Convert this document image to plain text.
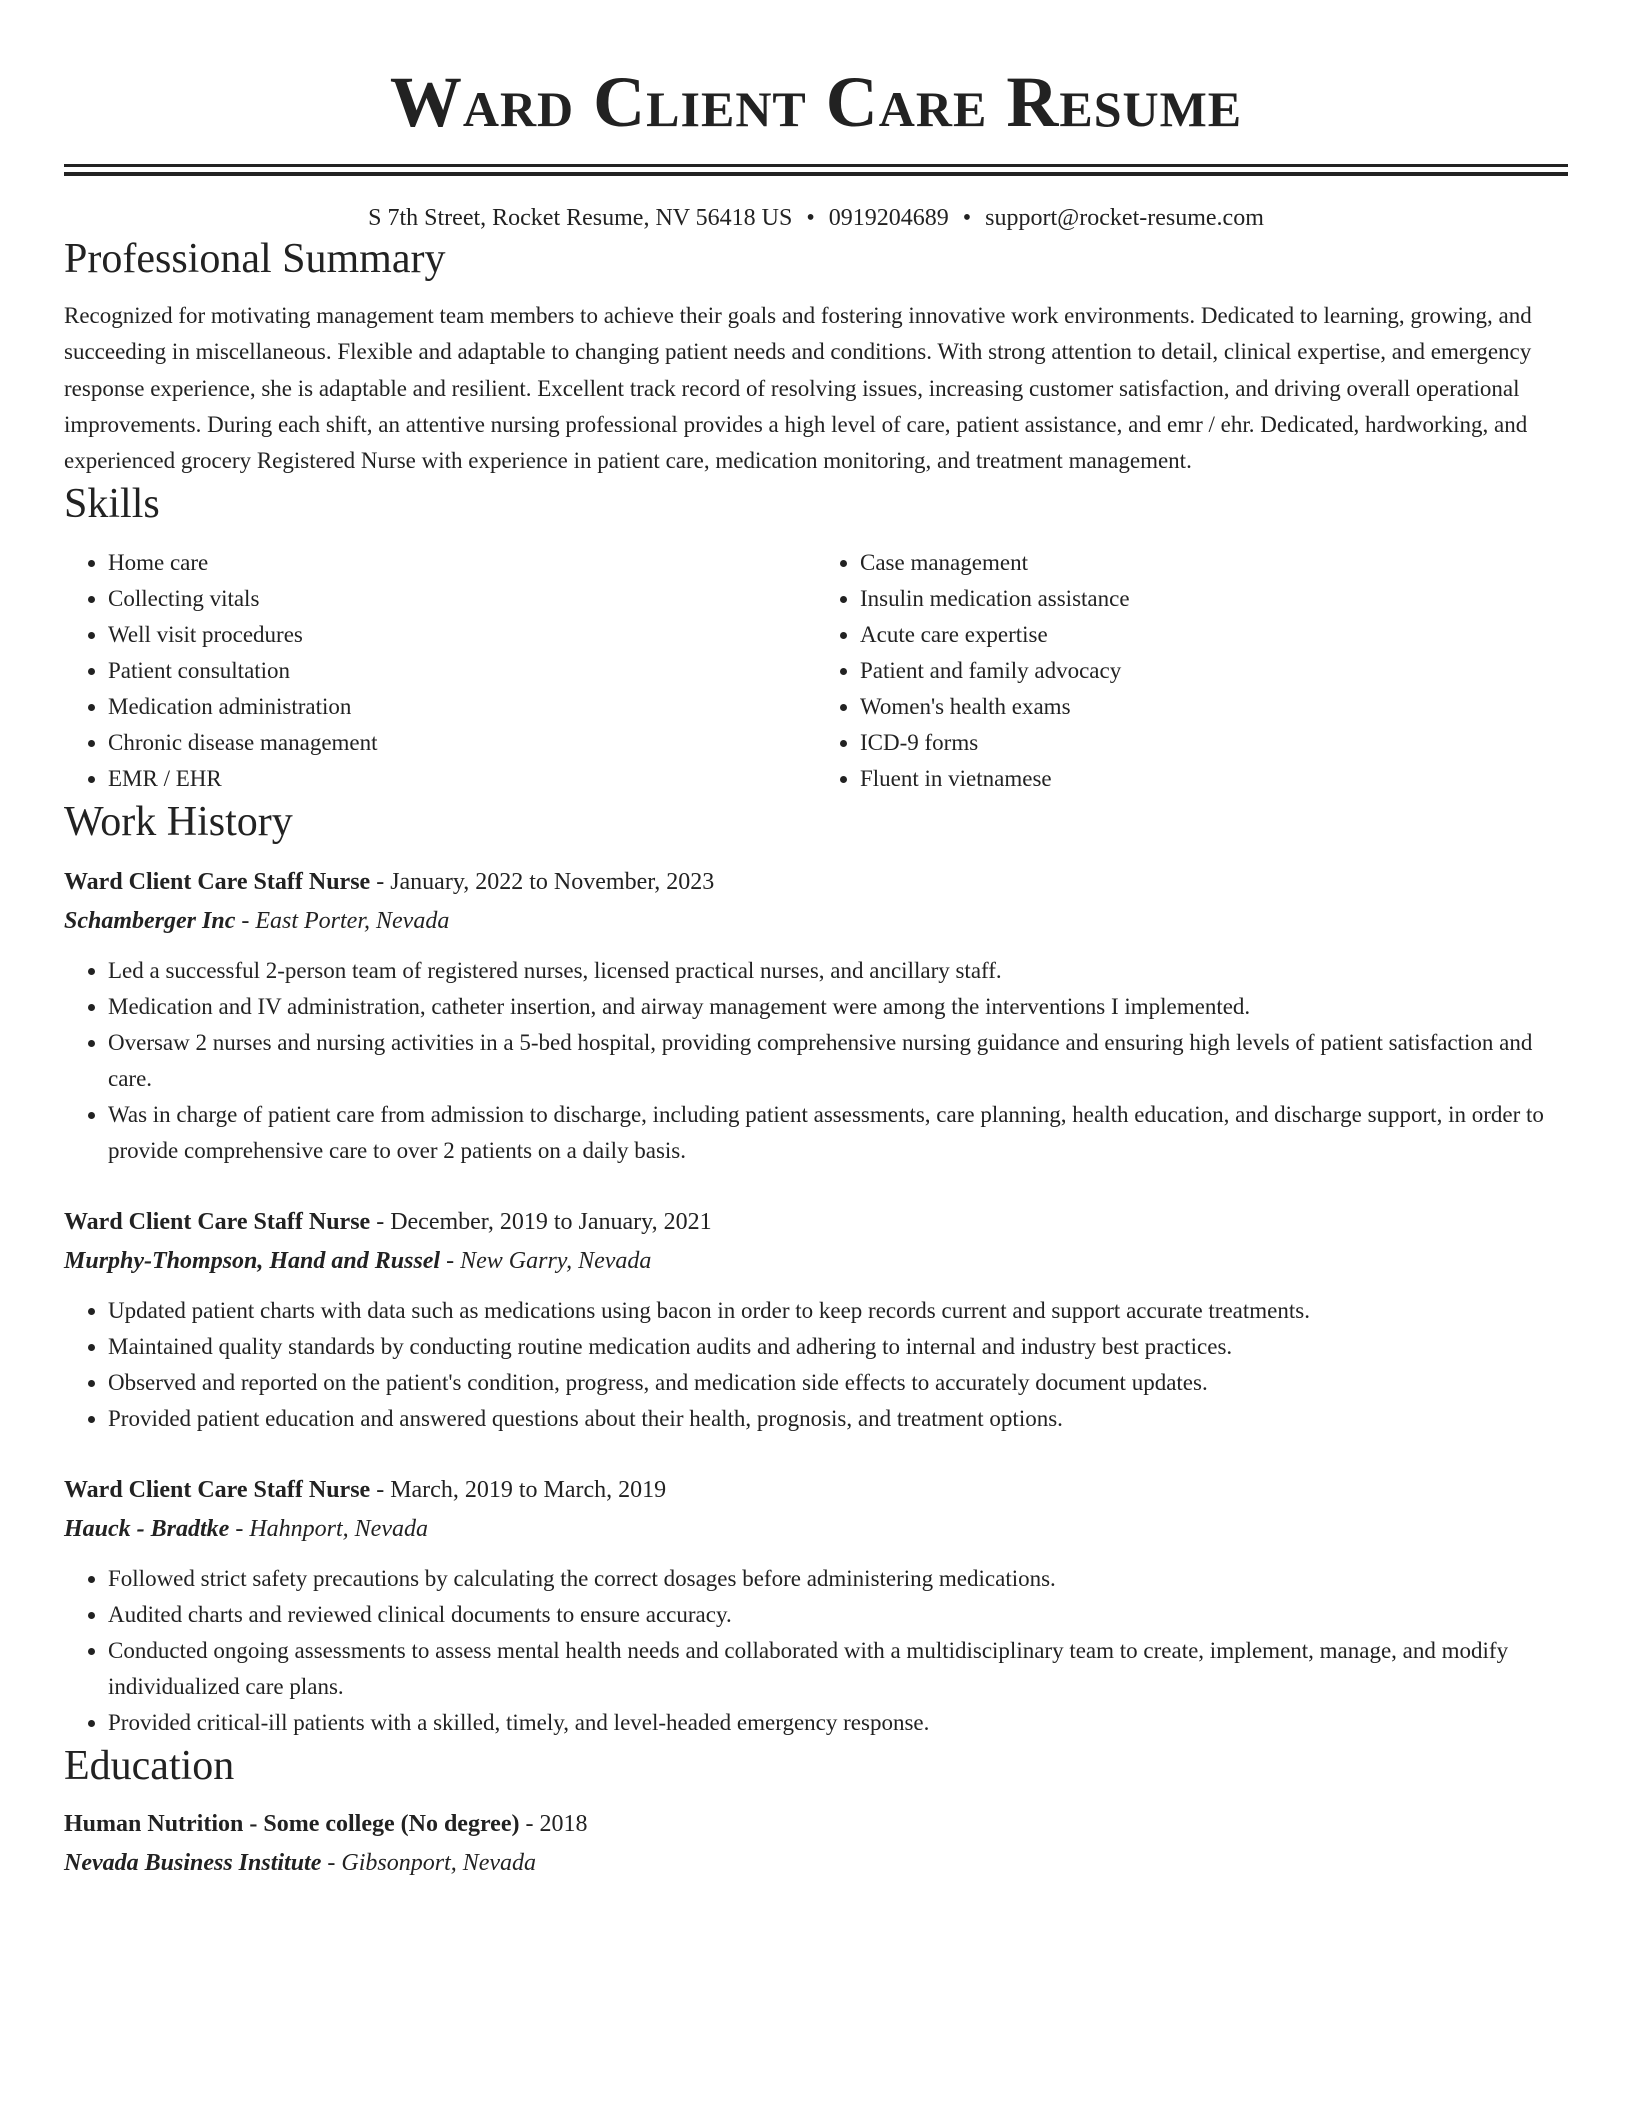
Ward Client Care Resume
S 7th Street, Rocket Resume, NV 56418 US • 0919204689 • support@rocket-resume.com
Professional Summary

Recognized for motivating management team members to achieve their goals and fostering innovative work environments. Dedicated to learning, growing, and succeeding in miscellaneous. Flexible and adaptable to changing patient needs and conditions. With strong attention to detail, clinical expertise, and emergency response experience, she is adaptable and resilient. Excellent track record of resolving issues, increasing customer satisfaction, and driving overall operational improvements. During each shift, an attentive nursing professional provides a high level of care, patient assistance, and emr / ehr. Dedicated, hardworking, and experienced grocery Registered Nurse with experience in patient care, medication monitoring, and treatment management.

Skills
• Home care
• Collecting vitals
• Well visit procedures
• Patient consultation
• Medication administration
• Chronic disease management
• EMR / EHR
• Case management
• Insulin medication assistance
• Acute care expertise
• Patient and family advocacy
• Women's health exams
• ICD-9 forms
• Fluent in vietnamese
Work History
Ward Client Care Staff Nurse - January, 2022 to November, 2023
Schamberger Inc - East Porter, Nevada
• Led a successful 2-person team of registered nurses, licensed practical nurses, and ancillary staff.
• Medication and IV administration, catheter insertion, and airway management were among the interventions I implemented.
• Oversaw 2 nurses and nursing activities in a 5-bed hospital, providing comprehensive nursing guidance and ensuring high levels of patient satisfaction and care.
• Was in charge of patient care from admission to discharge, including patient assessments, care planning, health education, and discharge support, in order to provide comprehensive care to over 2 patients on a daily basis.
Ward Client Care Staff Nurse - December, 2019 to January, 2021
Murphy-Thompson, Hand and Russel - New Garry, Nevada
• Updated patient charts with data such as medications using bacon in order to keep records current and support accurate treatments.
• Maintained quality standards by conducting routine medication audits and adhering to internal and industry best practices.
• Observed and reported on the patient's condition, progress, and medication side effects to accurately document updates.
• Provided patient education and answered questions about their health, prognosis, and treatment options.
Ward Client Care Staff Nurse - March, 2019 to March, 2019
Hauck - Bradtke - Hahnport, Nevada
• Followed strict safety precautions by calculating the correct dosages before administering medications.
• Audited charts and reviewed clinical documents to ensure accuracy.
• Conducted ongoing assessments to assess mental health needs and collaborated with a multidisciplinary team to create, implement, manage, and modify individualized care plans.
• Provided critical-ill patients with a skilled, timely, and level-headed emergency response.
Education
Human Nutrition - Some college (No degree) - 2018
Nevada Business Institute - Gibsonport, Nevada
